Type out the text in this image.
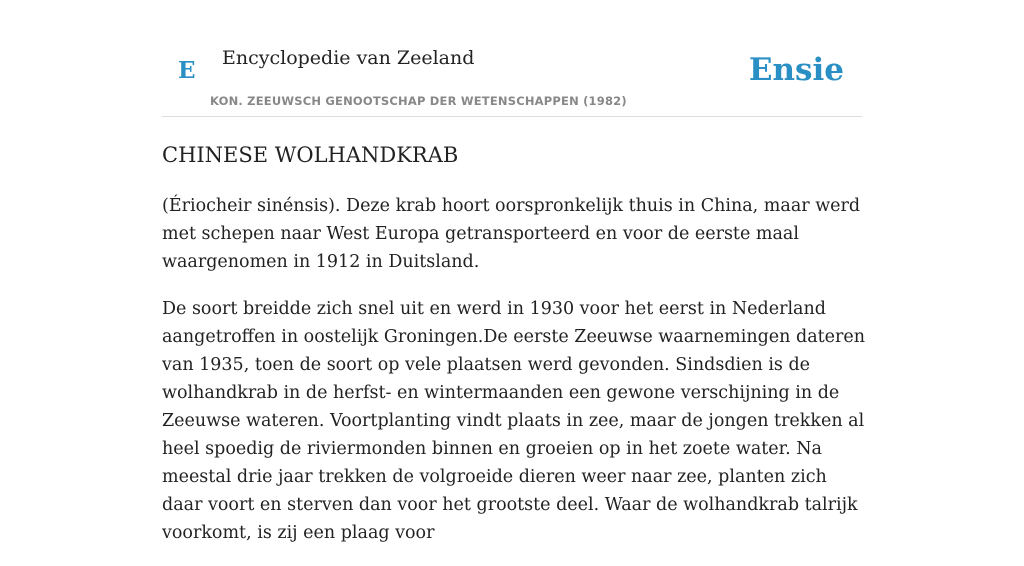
E Encyclopedie van Zeeland
KON. ZEEUWSCH GENOOTSCHAP DER WETENSCHAPPEN (1982)
Ensie
CHINESE WOLHANDKRAB

(Ériocheir sinénsis). Deze krab hoort oorspronkelijk thuis in China, maar werd met schepen naar West Europa getransporteerd en voor de eerste maal waargenomen in 1912 in Duitsland.

De soort breidde zich snel uit en werd in 1930 voor het eerst in Nederland aangetroffen in oostelijk Groningen.De eerste Zeeuwse waarnemingen dateren van 1935, toen de soort op vele plaatsen werd gevonden. Sindsdien is de wolhandkrab in de herfst- en wintermaanden een gewone verschijning in de Zeeuwse wateren. Voortplanting vindt plaats in zee, maar de jongen trekken al heel spoedig de riviermonden binnen en groeien op in het zoete water. Na meestal drie jaar trekken de volgroeide dieren weer naar zee, planten zich daar voort en sterven dan voor het grootste deel. Waar de wolhandkrab talrijk voorkomt, is zij een plaag voor
